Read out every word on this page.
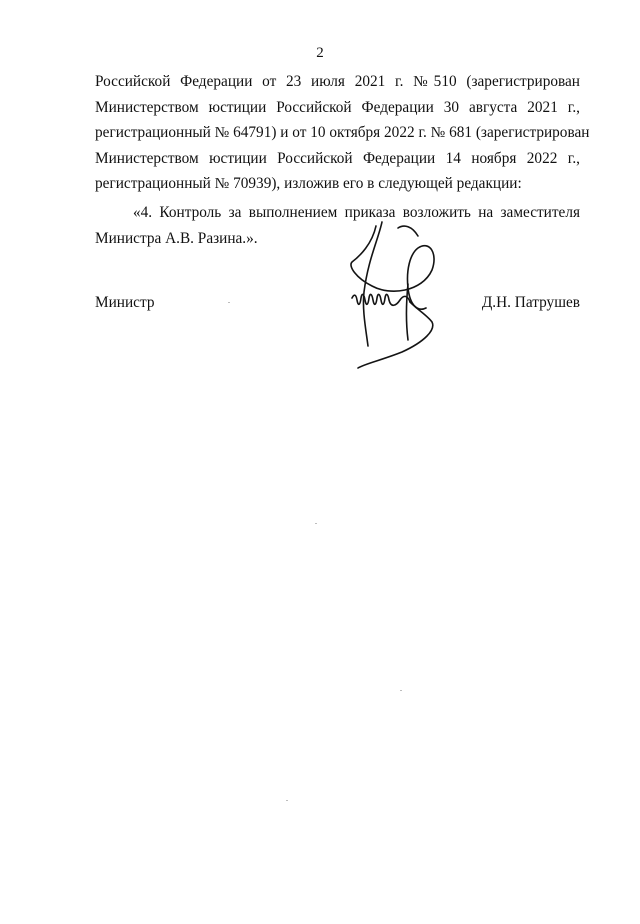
2
Российской Федерации от 23 июля 2021 г. №510 (зарегистрирован
Министерством юстиции Российской Федерации 30 августа 2021 г.,
регистрационный № 64791) и от 10 октября 2022 г. № 681 (зарегистрирован
Министерством юстиции Российской Федерации 14 ноября 2022 г.,
регистрационный № 70939), изложив его в следующей редакции:
«4. Контроль за выполнением приказа возложить на заместителя
Министра А.В. Разина.».
Министр	Д.Н. Патрушев
